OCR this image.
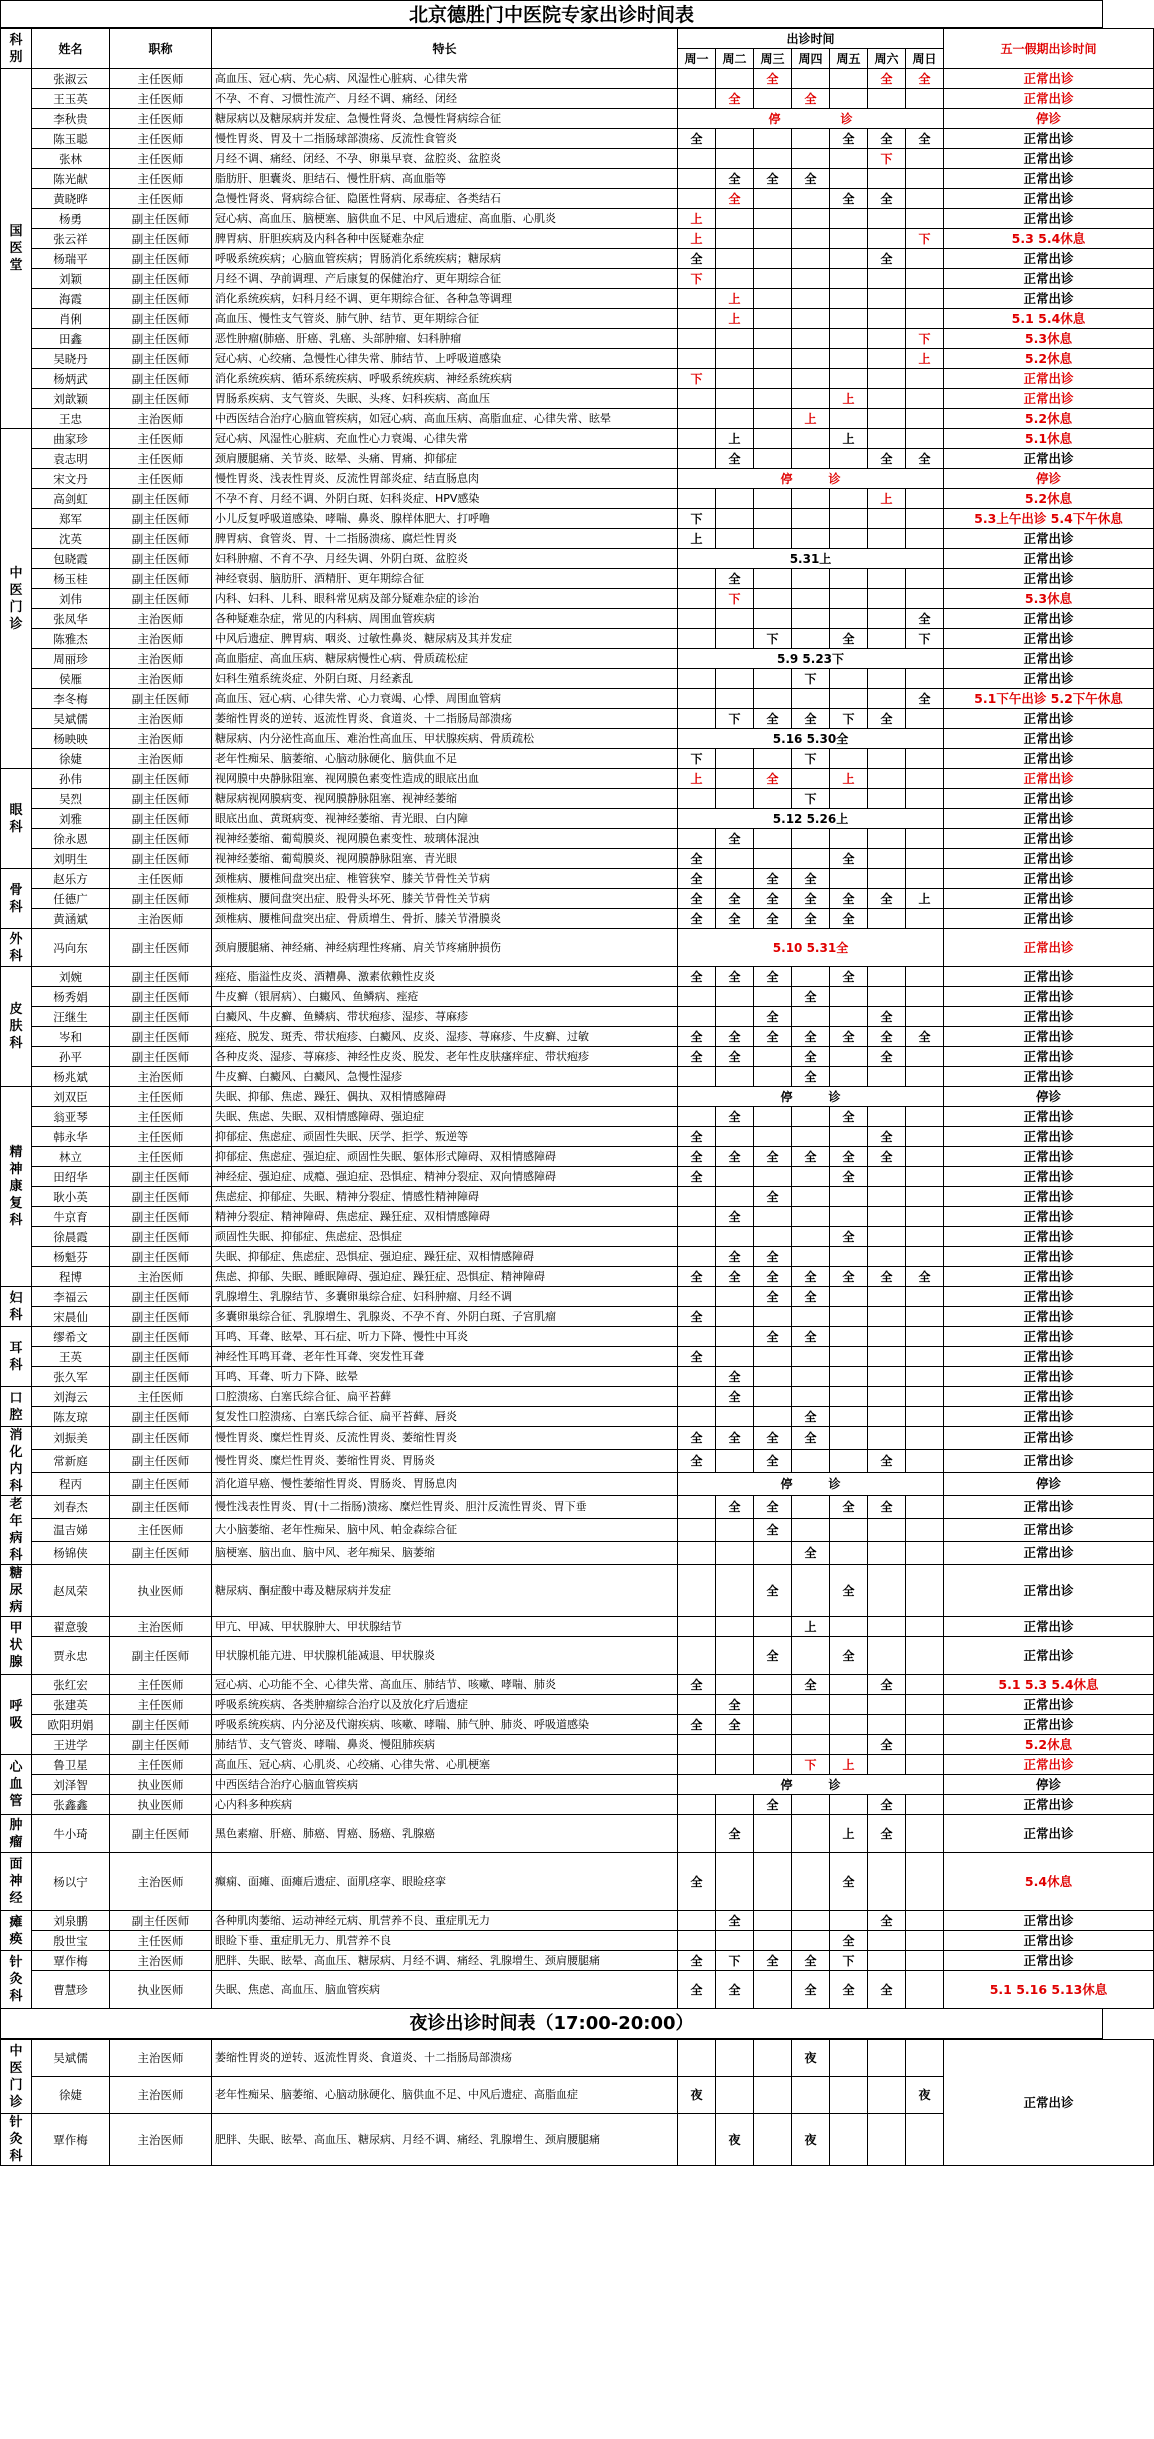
北京德胜门中医院专家出诊时间表
科别	姓名	职称	特长	出诊时间							五一假期出诊时间
				周一	周二	周三	周四	周五	周六	周日	
国医堂	张淑云	主任医师	高血压、冠心病、先心病、风湿性心脏病、心律失常			全			全	全	正常出诊
	王玉英	主任医师	不孕、不育、习惯性流产、月经不调、痛经、闭经		全		全				正常出诊
	李秋贵	主任医师	糖尿病以及糖尿病并发症、急慢性肾炎、急慢性肾病综合征	停　　　　　诊							停诊
	陈玉聪	主任医师	慢性胃炎、胃及十二指肠球部溃疡、反流性食管炎	全				全	全	全	正常出诊
	张林	主任医师	月经不调、痛经、闭经、不孕、卵巢早衰、盆腔炎、盆腔炎						下		正常出诊
	陈光献	主任医师	脂肪肝、胆囊炎、胆结石、慢性肝病、高血脂等		全	全	全				正常出诊
	黄晓晔	主任医师	急慢性肾炎、肾病综合征、隐匿性肾病、尿毒症、各类结石		全			全	全		正常出诊
	杨勇	副主任医师	冠心病、高血压、脑梗塞、脑供血不足、中风后遗症、高血脂、心肌炎	上							正常出诊
	张云祥	副主任医师	脾胃病、肝胆疾病及内科各种中医疑难杂症	上						下	5.3 5.4休息
	杨瑞平	副主任医师	呼吸系统疾病；心脑血管疾病；胃肠消化系统疾病；糖尿病	全					全		正常出诊
	刘颖	副主任医师	月经不调、孕前调理、产后康复的保健治疗、更年期综合征	下							正常出诊
	海霞	副主任医师	消化系统疾病，妇科月经不调、更年期综合征、各种急等调理		上						正常出诊
	肖俐	副主任医师	高血压、慢性支气管炎、肺气肿、结节、更年期综合征		上						5.1 5.4休息
	田鑫	副主任医师	恶性肿瘤(肺癌、肝癌、乳癌、头部肿瘤、妇科肿瘤							下	5.3休息
	吴晓丹	副主任医师	冠心病、心绞痛、急慢性心律失常、肺结节、上呼吸道感染							上	5.2休息
	杨炳武	副主任医师	消化系统疾病、循环系统疾病、呼吸系统疾病、神经系统疾病	下							正常出诊
	刘歆颖	副主任医师	胃肠系疾病、支气管炎、失眠、头疼、妇科疾病、高血压					上			正常出诊
	王忠	主治医师	中西医结合治疗心脑血管疾病，如冠心病、高血压病、高脂血症、心律失常、眩晕				上				5.2休息
中医门诊	曲家珍	主任医师	冠心病、风湿性心脏病、充血性心力衰竭、心律失常		上			上			5.1休息
	袁志明	主任医师	颈肩腰腿痛、关节炎、眩晕、头痛、胃痛、抑郁症		全				全	全	正常出诊
	宋文丹	主任医师	慢性胃炎、浅表性胃炎、反流性胃部炎症、结直肠息肉	停　　　诊							停诊
	高剑虹	副主任医师	不孕不育、月经不调、外阴白斑、妇科炎症、HPV感染						上		5.2休息
	郑军	副主任医师	小儿反复呼吸道感染、哮喘、鼻炎、腺样体肥大、打呼噜	下							5.3上午出诊 5.4下午休息
	沈英	副主任医师	脾胃病、食管炎、胃、十二指肠溃疡、腐烂性胃炎	上							正常出诊
	包晓霞	副主任医师	妇科肿瘤、不育不孕、月经失调、外阴白斑、盆腔炎	5.31上							正常出诊
	杨玉桂	副主任医师	神经衰弱、脑肪肝、酒精肝、更年期综合征		全						正常出诊
	刘伟	副主任医师	内科、妇科、儿科、眼科常见病及部分疑难杂症的诊治		下						5.3休息
	张凤华	主治医师	各种疑难杂症，常见的内科病、周围血管疾病							全	正常出诊
	陈雅杰	主治医师	中风后遗症、脾胃病、咽炎、过敏性鼻炎、糖尿病及其并发症			下		全		下	正常出诊
	周丽珍	主治医师	高血脂症、高血压病、糖尿病慢性心病、骨质疏松症	5.9 5.23下							正常出诊
	侯雁	主治医师	妇科生殖系统炎症、外阴白斑、月经紊乱				下				正常出诊
	李冬梅	副主任医师	高血压、冠心病、心律失常、心力衰竭、心悸、周围血管病							全	5.1下午出诊 5.2下午休息
	吴斌儒	主治医师	萎缩性胃炎的逆转、返流性胃炎、食道炎、十二指肠局部溃疡		下	全	全	下	全		正常出诊
	杨映映	主治医师	糖尿病、内分泌性高血压、难治性高血压、甲状腺疾病、骨质疏松	5.16 5.30全							正常出诊
	徐婕	主治医师	老年性痴呆、脑萎缩、心脑动脉硬化、脑供血不足	下			下				正常出诊
眼科	孙伟	副主任医师	视网膜中央静脉阻塞、视网膜色素变性造成的眼底出血	上		全		上			正常出诊
	吴烈	副主任医师	糖尿病视网膜病变、视网膜静脉阻塞、视神经萎缩				下				正常出诊
	刘雅	副主任医师	眼底出血、黄斑病变、视神经萎缩、青光眼、白内障	5.12 5.26上							正常出诊
	徐永恩	副主任医师	视神经萎缩、葡萄膜炎、视网膜色素变性、玻璃体混浊		全						正常出诊
	刘明生	副主任医师	视神经萎缩、葡萄膜炎、视网膜静脉阻塞、青光眼	全				全			正常出诊
骨科	赵乐方	主任医师	颈椎病、腰椎间盘突出症、椎管狭窄、膝关节骨性关节病	全		全	全				正常出诊
	任德广	副主任医师	颈椎病、腰间盘突出症、股骨头坏死、膝关节骨性关节病	全	全	全	全	全	全	上	正常出诊
	黄涵斌	主治医师	颈椎病、腰椎间盘突出症、骨质增生、骨折、膝关节滑膜炎	全	全	全	全	全			正常出诊
外科	冯向东	副主任医师	颈肩腰腿痛、神经痛、神经病理性疼痛、肩关节疼痛肿损伤	5.10 5.31全							正常出诊
皮肤科	刘婉	副主任医师	痤疮、脂溢性皮炎、酒糟鼻、激素依赖性皮炎	全	全	全		全			正常出诊
	杨秀娟	副主任医师	牛皮癣（银屑病）、白癜风、鱼鳞病、痤疮				全				正常出诊
	汪继生	副主任医师	白癜风、牛皮癣、鱼鳞病、带状疱疹、湿疹、荨麻疹			全			全		正常出诊
	岑和	副主任医师	痤疮、脱发、斑秃、带状疱疹、白癜风、皮炎、湿疹、荨麻疹、牛皮癣、过敏	全	全	全	全	全	全	全	正常出诊
	孙平	副主任医师	各种皮炎、湿疹、荨麻疹、神经性皮炎、脱发、老年性皮肤瘙痒症、带状疱疹	全	全		全		全		正常出诊
	杨兆斌	主治医师	牛皮癣、白癜风、白癜风、急慢性湿疹				全				正常出诊
精神康复科	刘双臣	主任医师	失眠、抑郁、焦虑、躁狂、偶执、双相情感障碍	停　　　诊							停诊
	翁亚琴	主任医师	失眠、焦虑、失眠、双相情感障碍、强迫症		全			全			正常出诊
	韩永华	主任医师	抑郁症、焦虑症、顽固性失眠、厌学、拒学、叛逆等	全					全		正常出诊
	林立	主任医师	抑郁症、焦虑症、强迫症、顽固性失眠、躯体形式障碍、双相情感障碍	全	全	全	全	全	全		正常出诊
	田绍华	副主任医师	神经症、强迫症、成瘾、强迫症、恐惧症、精神分裂症、双向情感障碍	全				全			正常出诊
	耿小英	副主任医师	焦虑症、抑郁症、失眠、精神分裂症、情感性精神障碍			全					正常出诊
	牛京育	副主任医师	精神分裂症、精神障碍、焦虑症、躁狂症、双相情感障碍		全						正常出诊
	徐晨霞	副主任医师	顽固性失眠、抑郁症、焦虑症、恐惧症					全			正常出诊
	杨魁芬	副主任医师	失眠、抑郁症、焦虑症、恐惧症、强迫症、躁狂症、双相情感障碍		全	全					正常出诊
	程博	主治医师	焦虑、抑郁、失眠、睡眠障碍、强迫症、躁狂症、恐惧症、精神障碍	全	全	全	全	全	全	全	正常出诊
妇科	李福云	副主任医师	乳腺增生、乳腺结节、多囊卵巢综合症、妇科肿瘤、月经不调			全	全				正常出诊
	宋晨仙	副主任医师	多囊卵巢综合征、乳腺增生、乳腺炎、不孕不育、外阴白斑、子宫肌瘤	全							正常出诊
耳科	缪希文	副主任医师	耳鸣、耳聋、眩晕、耳石症、听力下降、慢性中耳炎			全	全				正常出诊
	王英	副主任医师	神经性耳鸣耳聋、老年性耳聋、突发性耳聋	全							正常出诊
	张久军	副主任医师	耳鸣、耳聋、听力下降、眩晕		全						正常出诊
口腔	刘海云	主任医师	口腔溃疡、白塞氏综合征、扁平苔藓		全						正常出诊
	陈友琼	副主任医师	复发性口腔溃疡、白塞氏综合征、扁平苔藓、唇炎				全				正常出诊
消化内科	刘振美	副主任医师	慢性胃炎、糜烂性胃炎、反流性胃炎、萎缩性胃炎	全	全	全	全				正常出诊
	常新庭	副主任医师	慢性胃炎、糜烂性胃炎、萎缩性胃炎、胃肠炎	全		全			全		正常出诊
	程丙	副主任医师	消化道早癌、慢性萎缩性胃炎、胃肠炎、胃肠息肉	停　　　诊							停诊
老年病科	刘春杰	副主任医师	慢性浅表性胃炎、胃(十二指肠)溃疡、糜烂性胃炎、胆汁反流性胃炎、胃下垂		全	全		全	全		正常出诊
	温吉娣	主任医师	大小脑萎缩、老年性痴呆、脑中风、帕金森综合征			全					正常出诊
	杨锦侠	副主任医师	脑梗塞、脑出血、脑中风、老年痴呆、脑萎缩				全				正常出诊
糖尿病	赵凤荣	执业医师	糖尿病、酮症酸中毒及糖尿病并发症			全		全			正常出诊
甲状腺	翟意骏	主治医师	甲亢、甲减、甲状腺肿大、甲状腺结节				上				正常出诊
	贾永忠	副主任医师	甲状腺机能亢进、甲状腺机能减退、甲状腺炎			全		全			正常出诊
呼吸	张红宏	主任医师	冠心病、心功能不全、心律失常、高血压、肺结节、咳嗽、哮喘、肺炎	全			全		全		5.1 5.3 5.4休息
	张建英	主任医师	呼吸系统疾病、各类肿瘤综合治疗以及放化疗后遗症		全						正常出诊
	欧阳玥娟	副主任医师	呼吸系统疾病、内分泌及代谢疾病、咳嗽、哮喘、肺气肿、肺炎、呼吸道感染	全	全						正常出诊
	王进学	副主任医师	肺结节、支气管炎、哮喘、鼻炎、慢阻肺疾病						全		5.2休息
心血管	鲁卫星	主任医师	高血压、冠心病、心肌炎、心绞痛、心律失常、心肌梗塞				下	上			正常出诊
	刘泽智	执业医师	中西医结合治疗心脑血管疾病	停　　　诊							停诊
	张鑫鑫	执业医师	心内科多种疾病			全			全		正常出诊
肿瘤	牛小琦	副主任医师	黑色素瘤、肝癌、肺癌、胃癌、肠癌、乳腺癌		全			上	全		正常出诊
面神经	杨以宁	主治医师	癫痫、面瘫、面瘫后遗症、面肌痉挛、眼睑痉挛	全				全			5.4休息
瘫痪	刘泉鹏	副主任医师	各种肌肉萎缩、运动神经元病、肌营养不良、重症肌无力		全				全		正常出诊
	殷世宝	主任医师	眼睑下垂、重症肌无力、肌营养不良					全			正常出诊
针灸科	覃作梅	主治医师	肥胖、失眠、眩晕、高血压、糖尿病、月经不调、痛经、乳腺增生、颈肩腰腿痛	全	下	全	全	下			正常出诊
	曹慧珍	执业医师	失眠、焦虑、高血压、脑血管疾病	全	全		全	全	全		5.1 5.16 5.13休息
夜诊出诊时间表（17:00-20:00）
中医门诊	吴斌儒	主治医师	萎缩性胃炎的逆转、返流性胃炎、食道炎、十二指肠局部溃疡				夜				正常出诊
	徐婕	主治医师	老年性痴呆、脑萎缩、心脑动脉硬化、脑供血不足、中风后遗症、高脂血症	夜						夜	
针灸科	覃作梅	主治医师	肥胖、失眠、眩晕、高血压、糖尿病、月经不调、痛经、乳腺增生、颈肩腰腿痛		夜		夜				
